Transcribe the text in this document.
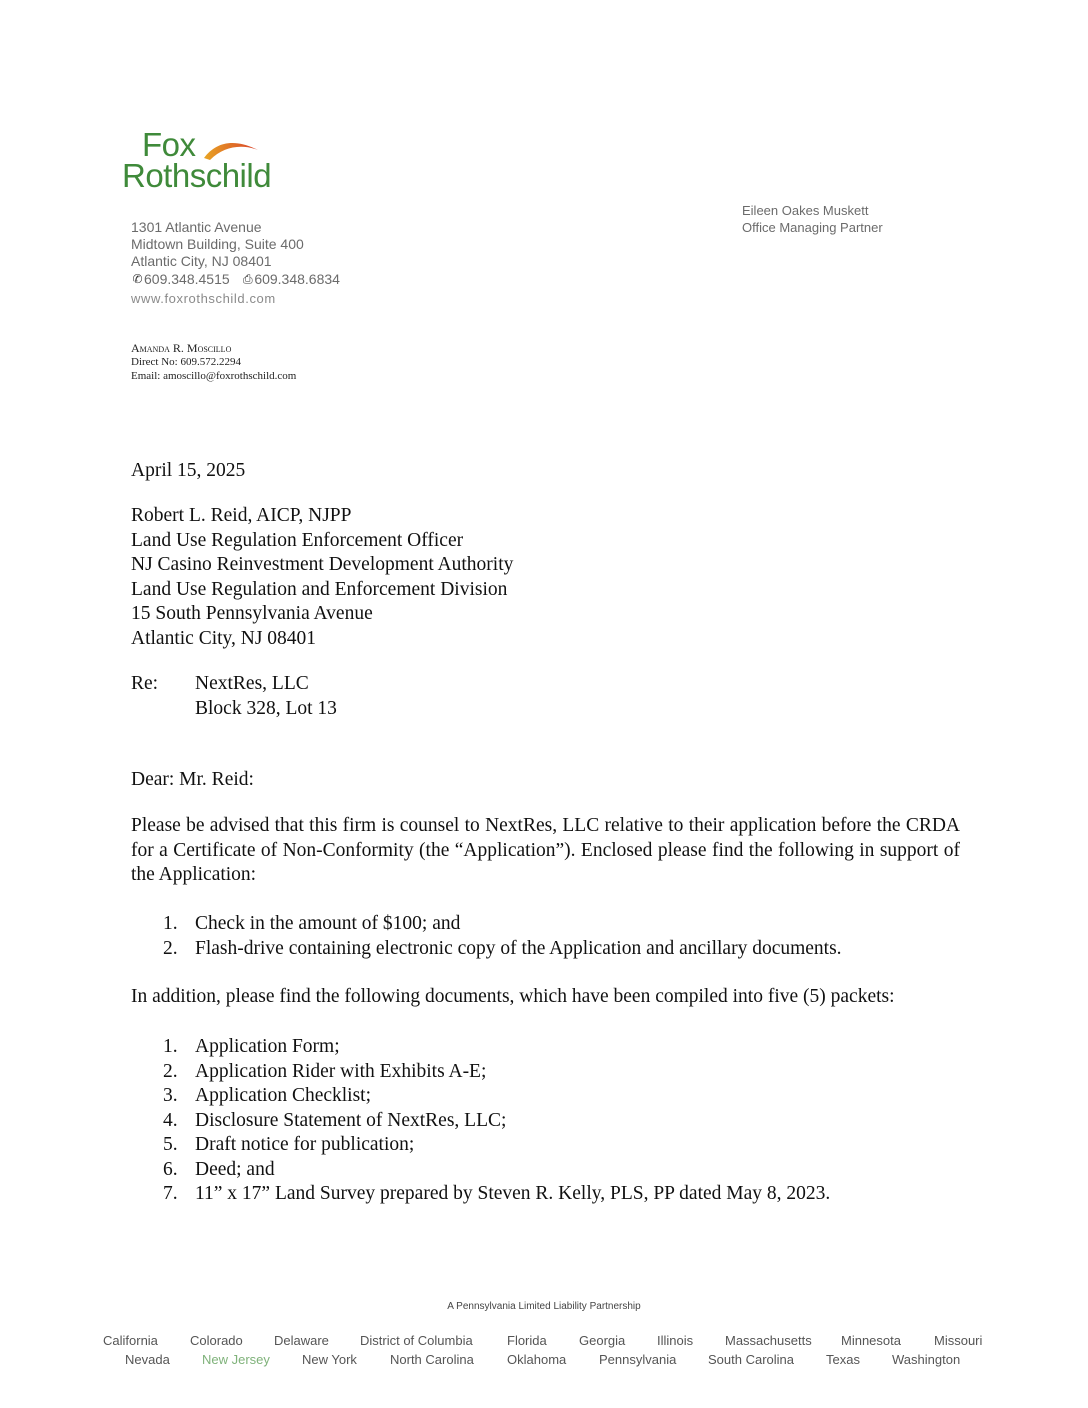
Fox
Rothschild
1301 Atlantic Avenue
Midtown Building, Suite 400
Atlantic City, NJ 08401
✆609.348.4515 ⎙ 609.348.6834
www.foxrothschild.com
Eileen Oakes Muskett
Office Managing Partner
Amanda R. Moscillo
Direct No: 609.572.2294
Email: amoscillo@foxrothschild.com
April 15, 2025
Robert L. Reid, AICP, NJPP
Land Use Regulation Enforcement Officer
NJ Casino Reinvestment Development Authority
Land Use Regulation and Enforcement Division
15 South Pennsylvania Avenue
Atlantic City, NJ 08401
Re: NextRes, LLC
Block 328, Lot 13
Dear: Mr. Reid:
Please be advised that this firm is counsel to NextRes, LLC relative to their application before the CRDA for a Certificate of Non-Conformity (the “Application”). Enclosed please find the following in support of the Application:
1. Check in the amount of $100; and
2. Flash-drive containing electronic copy of the Application and ancillary documents.
In addition, please find the following documents, which have been compiled into five (5) packets:
1. Application Form;
2. Application Rider with Exhibits A-E;
3. Application Checklist;
4. Disclosure Statement of NextRes, LLC;
5. Draft notice for publication;
6. Deed; and
7. 11” x 17” Land Survey prepared by Steven R. Kelly, PLS, PP dated May 8, 2023.
A Pennsylvania Limited Liability Partnership
California Colorado Delaware District of Columbia	Florida Georgia Illinois Massachusetts Minnesota	Missouri
Nevada New Jersey New York	North Carolina	Oklahoma	Pennsylvania South Carolina Texas Washington
